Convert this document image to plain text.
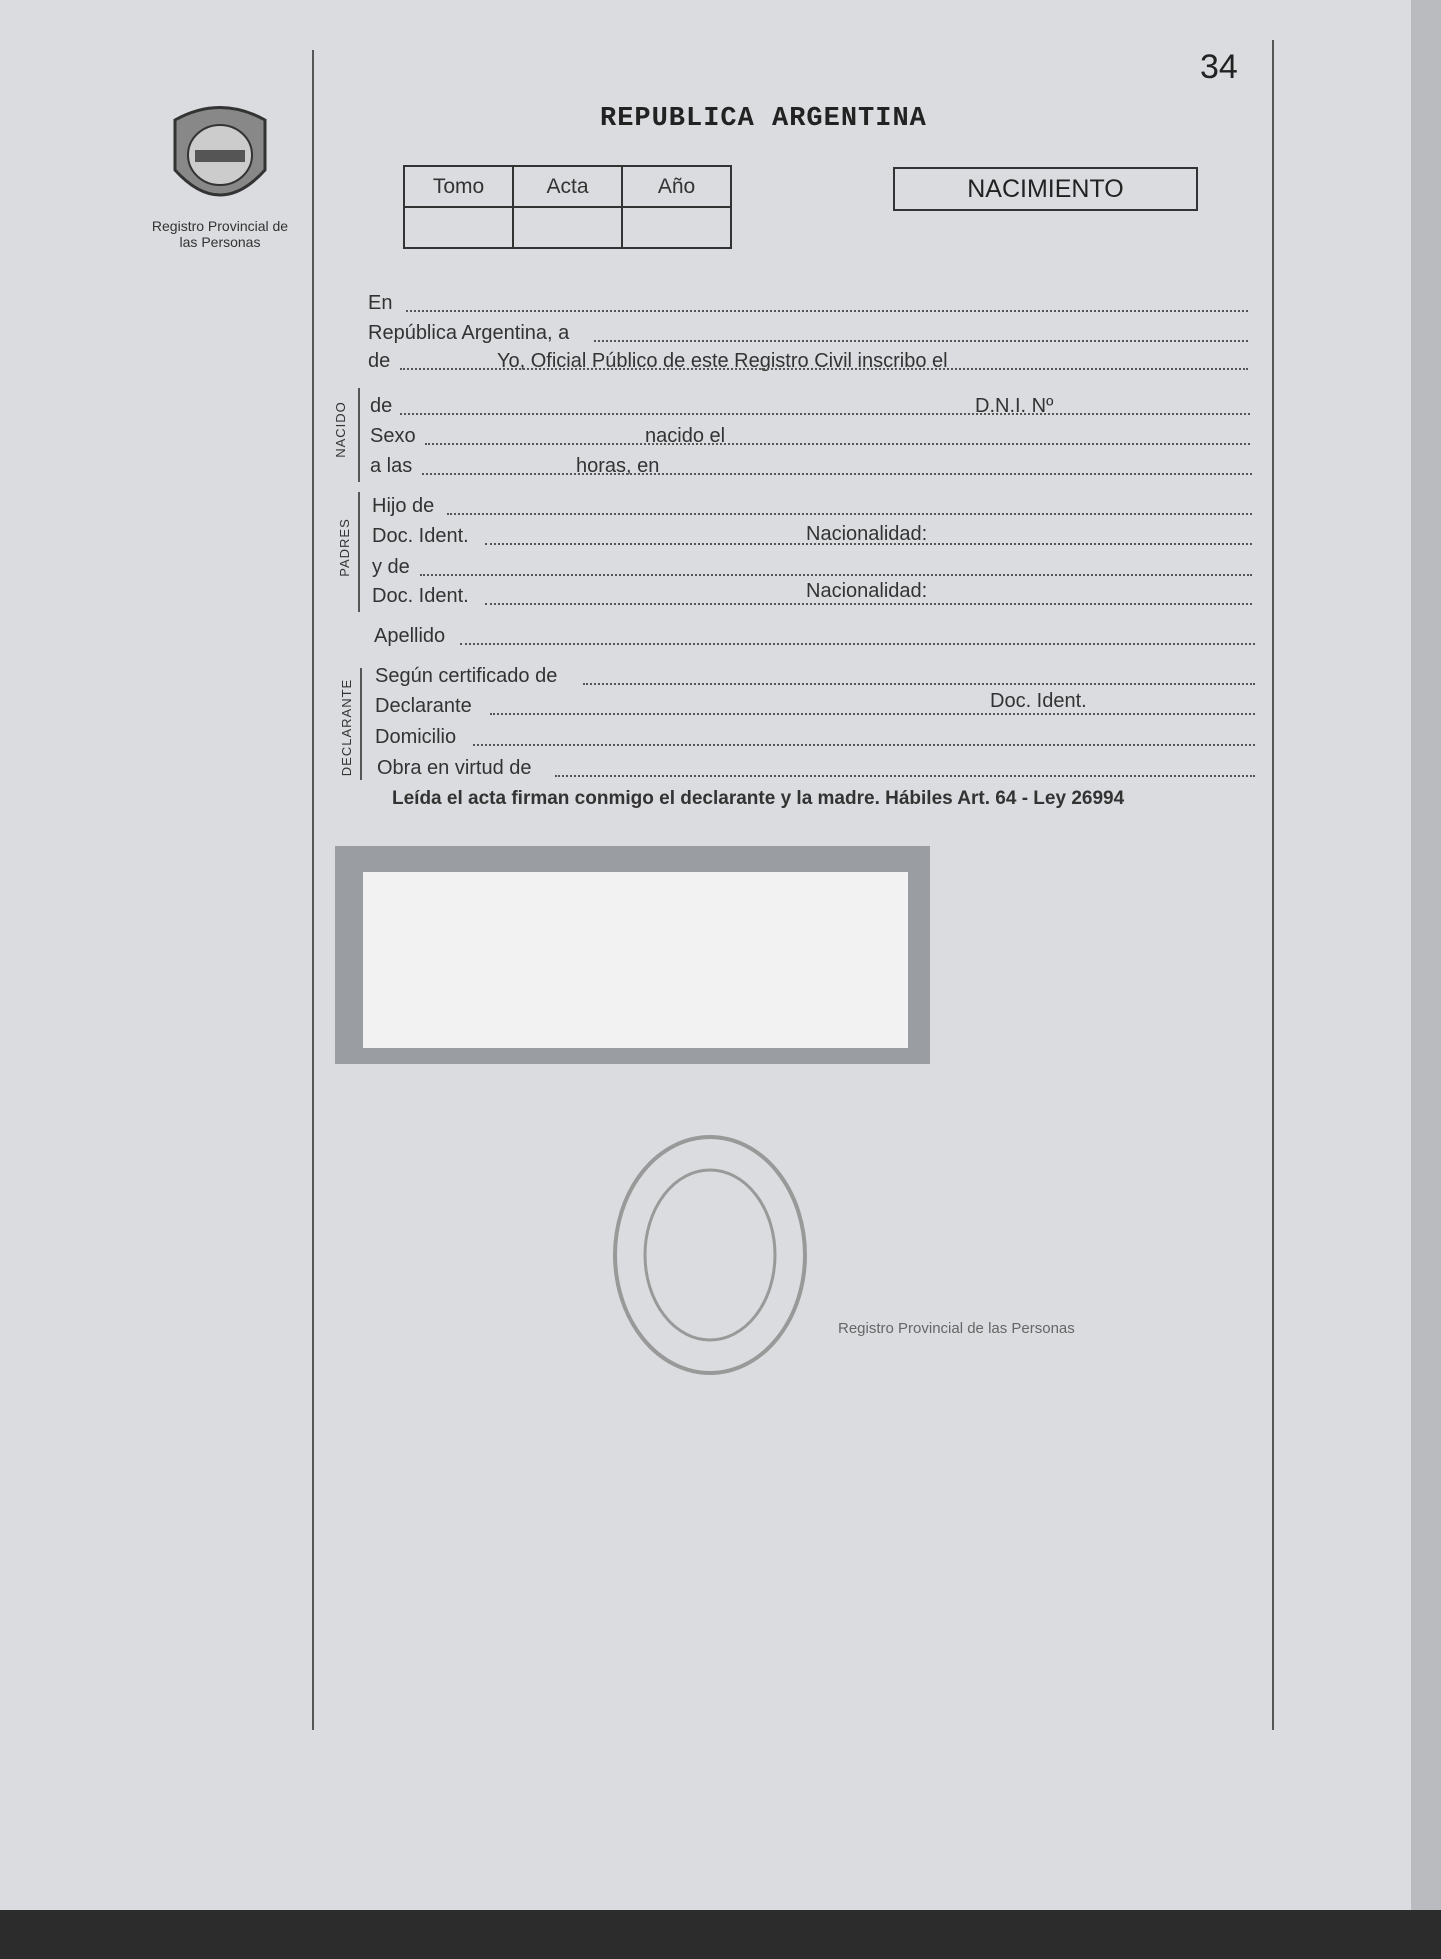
34
Registro Provincial de las Personas
REPUBLICA ARGENTINA
Tomo	Acta	Año
			NACIMIENTO
En
República Argentina, a
de	Yo, Oficial Público de este Registro Civil inscribo el
NACIDO de	D.N.I. Nº
Sexo	nacido el
a las	horas, en
PADRES
Hijo de
Doc. Ident.	Nacionalidad:
y de
Doc. Ident.	Nacionalidad:
Apellido
DECLARANTE
Según certificado de
Declarante	Doc. Ident.
Domicilio
Obra en virtud de
Leída el acta firman conmigo el declarante y la madre. Hábiles Art. 64 - Ley 26994
Registro Provincial de las Personas
